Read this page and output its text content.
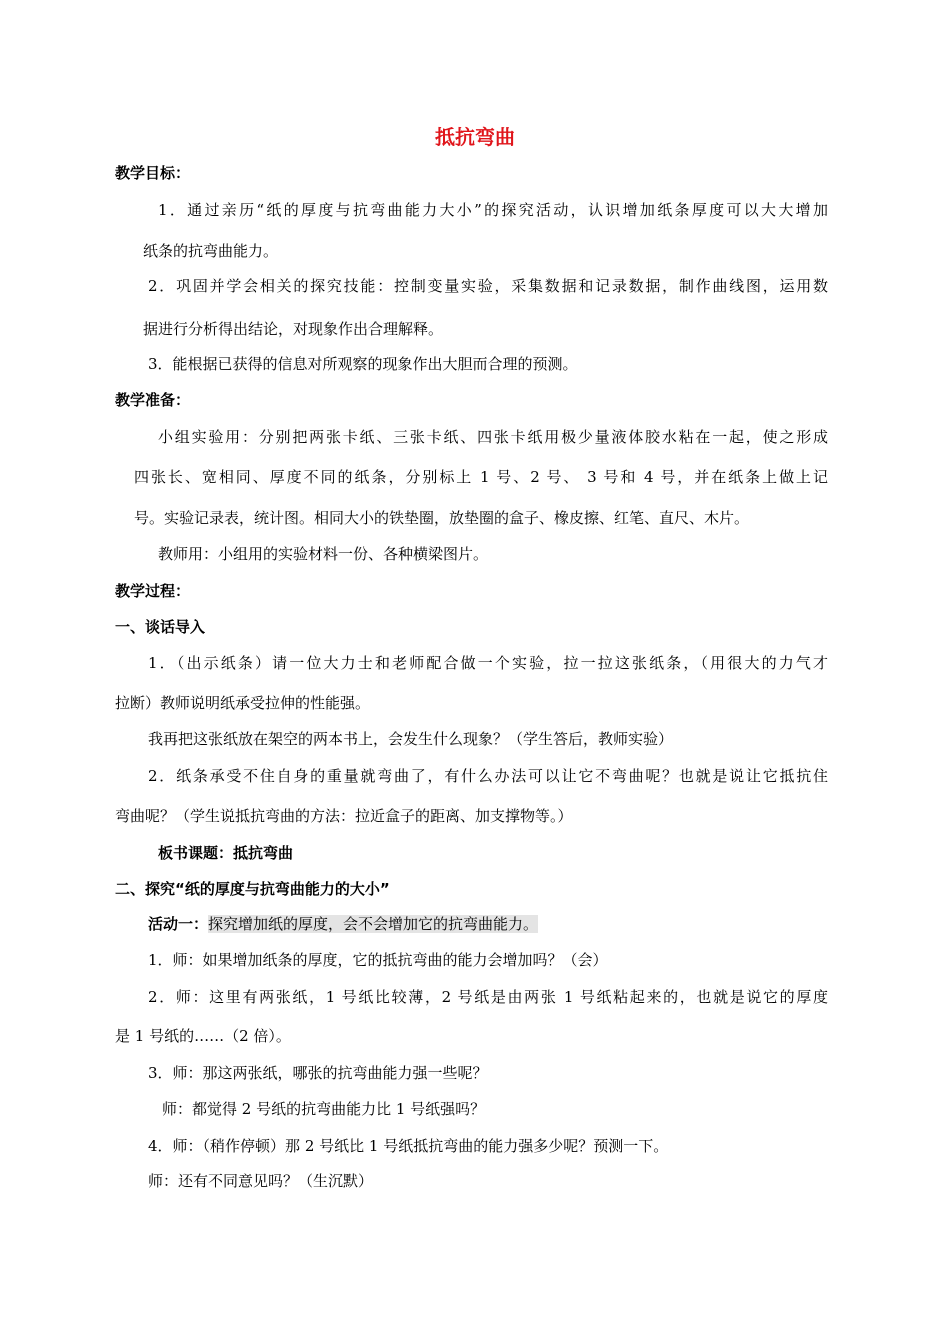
抵抗弯曲
教学目标：
1．通过亲历“纸的厚度与抗弯曲能力大小”的探究活动，认识增加纸条厚度可以大大增加
纸条的抗弯曲能力。
2．巩固并学会相关的探究技能：控制变量实验，采集数据和记录数据，制作曲线图，运用数
据进行分析得出结论，对现象作出合理解释。
3．能根据已获得的信息对所观察的现象作出大胆而合理的预测。
教学准备：
小组实验用：分别把两张卡纸、三张卡纸、四张卡纸用极少量液体胶水粘在一起，使之形成
四张长、宽相同、厚度不同的纸条，分别标上 1 号、2 号、 3 号和 4 号，并在纸条上做上记
号。实验记录表，统计图。相同大小的铁垫圈，放垫圈的盒子、橡皮擦、红笔、直尺、木片。
教师用：小组用的实验材料一份、各种横梁图片。
教学过程：
一、谈话导入
1．（出示纸条）请一位大力士和老师配合做一个实验，拉一拉这张纸条，（用很大的力气才
拉断）教师说明纸承受拉伸的性能强。
我再把这张纸放在架空的两本书上，会发生什么现象？（学生答后，教师实验）
2．纸条承受不住自身的重量就弯曲了，有什么办法可以让它不弯曲呢？也就是说让它抵抗住
弯曲呢？（学生说抵抗弯曲的方法：拉近盒子的距离、加支撑物等。）
板书课题：抵抗弯曲
二、探究“纸的厚度与抗弯曲能力的大小”
活动一：探究增加纸的厚度，会不会增加它的抗弯曲能力。
1．师：如果增加纸条的厚度，它的抵抗弯曲的能力会增加吗？（会）
2．师：这里有两张纸，1 号纸比较薄，2 号纸是由两张 1 号纸粘起来的，也就是说它的厚度
是 1 号纸的……（2 倍）。
3．师：那这两张纸，哪张的抗弯曲能力强一些呢？
师：都觉得 2 号纸的抗弯曲能力比 1 号纸强吗？
4．师：（稍作停顿）那 2 号纸比 1 号纸抵抗弯曲的能力强多少呢？预测一下。
师：还有不同意见吗？（生沉默）
